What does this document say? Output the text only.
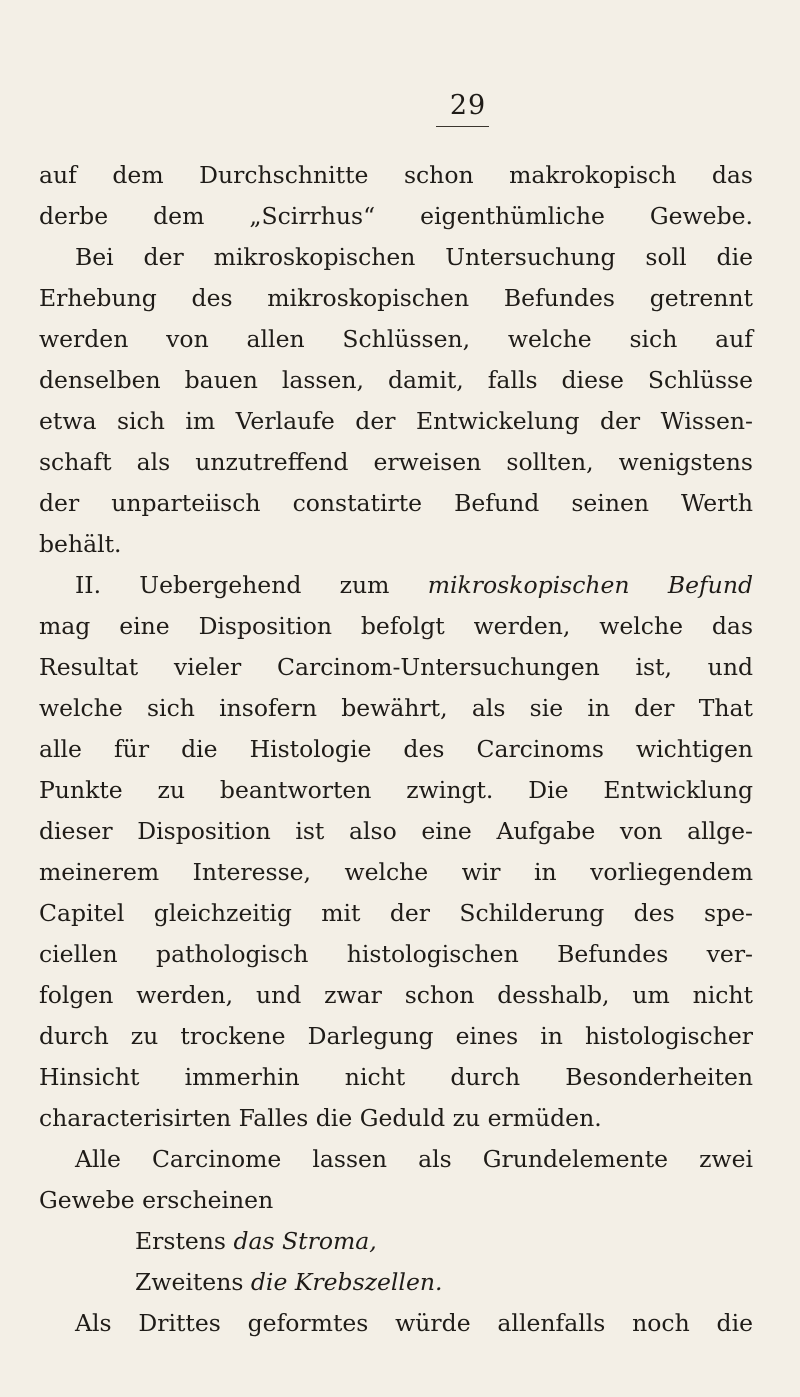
29
auf dem Durchschnitte schon makrokopisch das
derbe dem „Scirrhus“ eigenthümliche Gewebe.
Bei der mikroskopischen Untersuchung soll die
Erhebung des mikroskopischen Befundes getrennt
werden von allen Schlüssen, welche sich auf
denselben bauen lassen, damit, falls diese Schlüsse
etwa sich im Verlaufe der Entwickelung der Wissen-
schaft als unzutreffend erweisen sollten, wenigstens
der unparteiisch constatirte Befund seinen Werth
behält.
II. Uebergehend zum mikroskopischen Befund
mag eine Disposition befolgt werden, welche das
Resultat vieler Carcinom-Untersuchungen ist, und
welche sich insofern bewährt, als sie in der That
alle für die Histologie des Carcinoms wichtigen
Punkte zu beantworten zwingt. Die Entwicklung
dieser Disposition ist also eine Aufgabe von allge-
meinerem Interesse, welche wir in vorliegendem
Capitel gleichzeitig mit der Schilderung des spe-
ciellen pathologisch histologischen Befundes ver-
folgen werden, und zwar schon desshalb, um nicht
durch zu trockene Darlegung eines in histologischer
Hinsicht immerhin nicht durch Besonderheiten
characterisirten Falles die Geduld zu ermüden.
Alle Carcinome lassen als Grundelemente zwei
Gewebe erscheinen
Erstens das Stroma,
Zweitens die Krebszellen.
Als Drittes geformtes würde allenfalls noch die
